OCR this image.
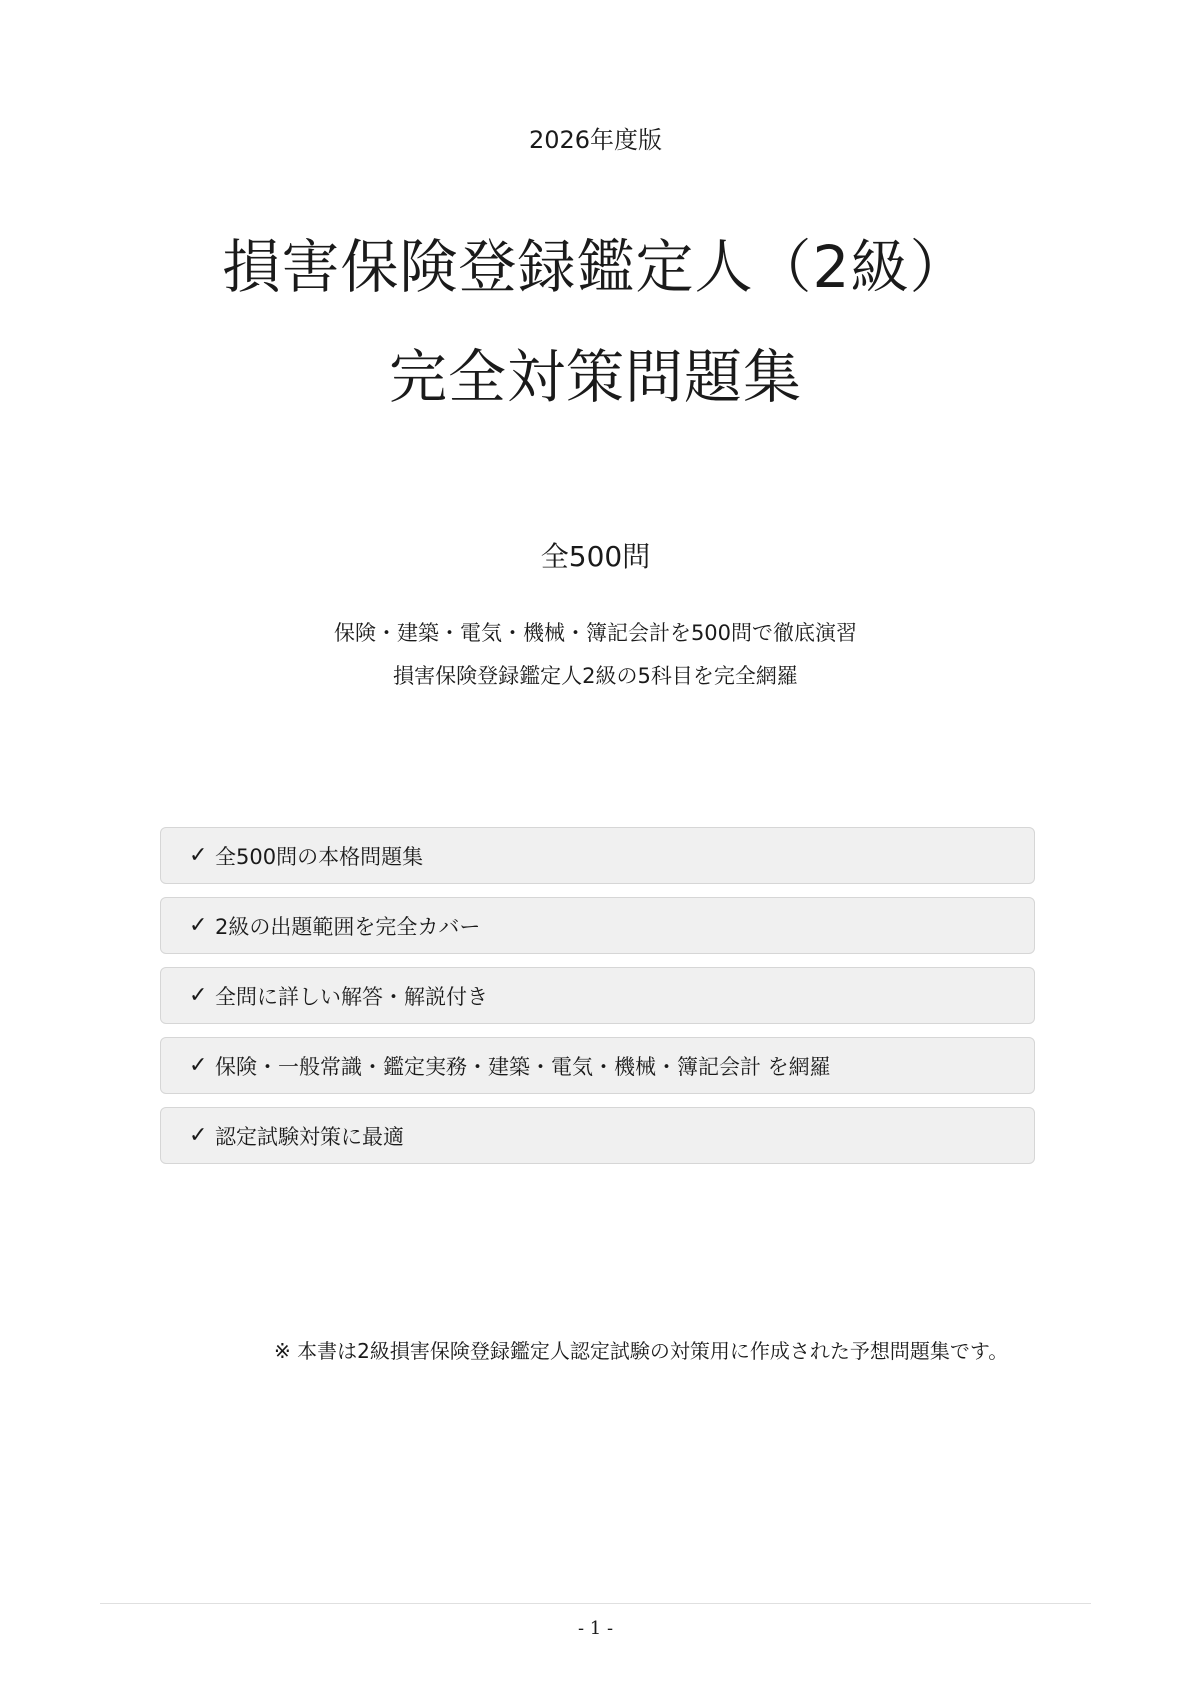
2026年度版
損害保険登録鑑定人（2級）
完全対策問題集
全500問
保険・建築・電気・機械・簿記会計を500問で徹底演習
損害保険登録鑑定人2級の5科目を完全網羅
✓ 全500問の本格問題集
✓ 2級の出題範囲を完全カバー
✓ 全問に詳しい解答・解説付き
✓ 保険・一般常識・鑑定実務・建築・電気・機械・簿記会計 を網羅
✓ 認定試験対策に最適
※ 本書は2級損害保険登録鑑定人認定試験の対策用に作成された予想問題集です。
- 1 -
